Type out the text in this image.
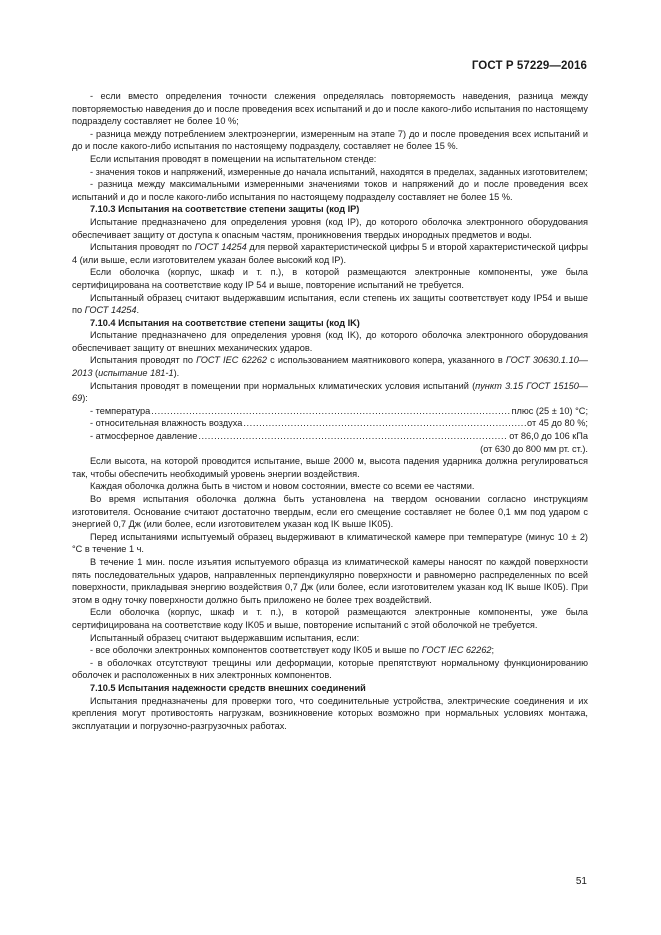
ГОСТ Р 57229—2016

- если вместо определения точности слежения определялась повторяемость наведения, разница между повторяемостью наведения до и после проведения всех испытаний и до и после какого-либо испытания по настоящему подразделу составляет не более 10 %;

- разница между потреблением электроэнергии, измеренным на этапе 7) до и после проведения всех испытаний и до и после какого-либо испытания по настоящему подразделу, составляет не более 15 %.

Если испытания проводят в помещении на испытательном стенде:

- значения токов и напряжений, измеренные до начала испытаний, находятся в пределах, заданных изготовителем;

- разница между максимальными измеренными значениями токов и напряжений до и после проведения всех испытаний и до и после какого-либо испытания по настоящему подразделу составляет не более 15 %.

7.10.3 Испытания на соответствие степени защиты (код IP)

Испытание предназначено для определения уровня (код IP), до которого оболочка электронного оборудования обеспечивает защиту от доступа к опасным частям, проникновения твердых инородных предметов и воды.

Испытания проводят по ГОСТ 14254 для первой характеристической цифры 5 и второй характеристической цифры 4 (или выше, если изготовителем указан более высокий код IP).

Если оболочка (корпус, шкаф и т. п.), в которой размещаются электронные компоненты, уже была сертифицирована на соответствие коду IP 54 и выше, повторение испытаний не требуется.

Испытанный образец считают выдержавшим испытания, если степень их защиты соответствует коду IP54 и выше по ГОСТ 14254.

7.10.4 Испытания на соответствие степени защиты (код IK)

Испытание предназначено для определения уровня (код IK), до которого оболочка электронного оборудования обеспечивает защиту от внешних механических ударов.

Испытания проводят по ГОСТ IEC 62262 с использованием маятникового копера, указанного в ГОСТ 30630.1.10—2013 (испытание 181-1).

Испытания проводят в помещении при нормальных климатических условия испытаний (пункт 3.15 ГОСТ 15150—69):

- температура .....	плюс (25 ± 10) °С;
- относительная влажность воздуха .....	от 45 до 80 %;
- атмосферное давление .....	от 86,0 до 106 кПа

(от 630 до 800 мм рт. ст.).

Если высота, на которой проводится испытание, выше 2000 м, высота падения ударника должна регулироваться так, чтобы обеспечить необходимый уровень энергии воздействия.

Каждая оболочка должна быть в чистом и новом состоянии, вместе со всеми ее частями.

Во время испытания оболочка должна быть установлена на твердом основании согласно инструкциям изготовителя. Основание считают достаточно твердым, если его смещение составляет не более 0,1 мм под ударом с энергией 0,7 Дж (или более, если изготовителем указан код IK выше IK05).

Перед испытаниями испытуемый образец выдерживают в климатической камере при температуре (минус 10 ± 2) °С в течение 1 ч.

В течение 1 мин. после изъятия испытуемого образца из климатической камеры наносят по каждой поверхности пять последовательных ударов, направленных перпендикулярно поверхности и равномерно распределенных по всей поверхности, прикладывая энергию воздействия 0,7 Дж (или более, если изготовителем указан код IK выше IK05). При этом в одну точку поверхности должно быть приложено не более трех воздействий.

Если оболочка (корпус, шкаф и т. п.), в которой размещаются электронные компоненты, уже была сертифицирована на соответствие коду IK05 и выше, повторение испытаний с этой оболочкой не требуется.

Испытанный образец считают выдержавшим испытания, если:

- все оболочки электронных компонентов соответствует коду IK05 и выше по ГОСТ IEC 62262;

- в оболочках отсутствуют трещины или деформации, которые препятствуют нормальному функционированию оболочек и расположенных в них электронных компонентов.

7.10.5 Испытания надежности средств внешних соединений

Испытания предназначены для проверки того, что соединительные устройства, электрические соединения и их крепления могут противостоять нагрузкам, возникновение которых возможно при нормальных условиях монтажа, эксплуатации и погрузочно-разгрузочных работах.

51
